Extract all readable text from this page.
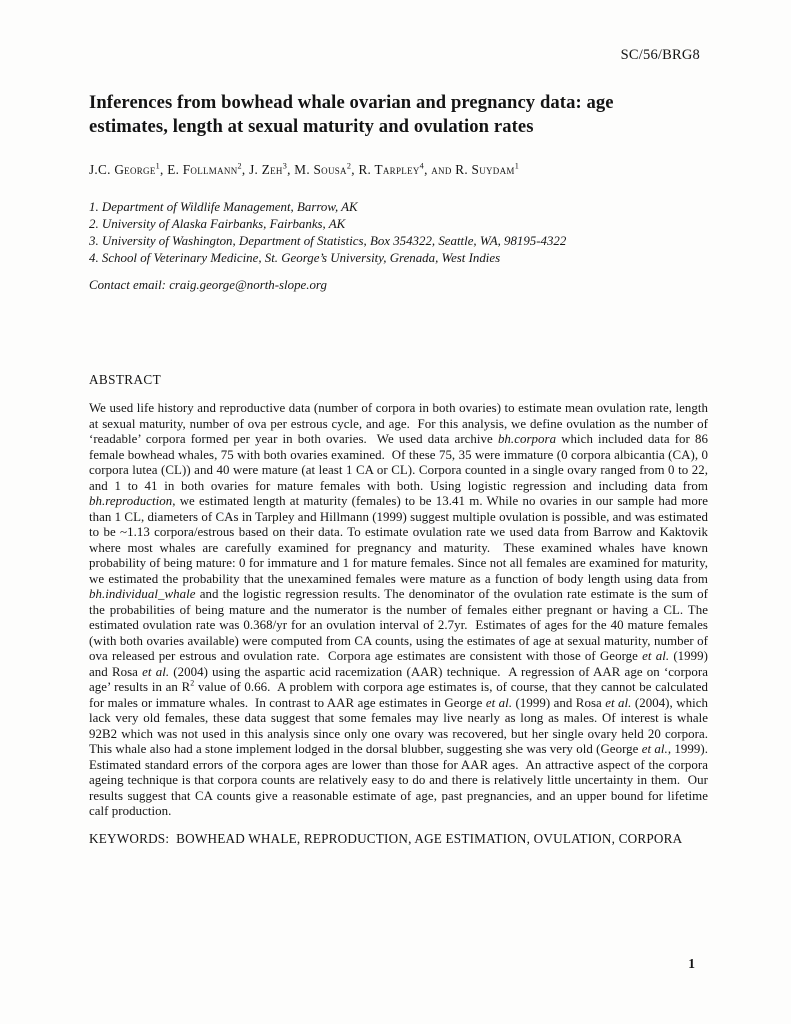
SC/56/BRG8
Inferences from bowhead whale ovarian and pregnancy data: age estimates, length at sexual maturity and ovulation rates
J.C. George$^1$, E. Follmann$^2$, J. Zeh$^3$, M. Sousa$^2$, R. Tarpley$^4$, and R. Suydam$^1$
1. Department of Wildlife Management, Barrow, AK
2. University of Alaska Fairbanks, Fairbanks, AK
3. University of Washington, Department of Statistics, Box 354322, Seattle, WA, 98195-4322
4. School of Veterinary Medicine, St. George’s University, Grenada, West Indies
Contact email: craig.george@north-slope.org
ABSTRACT

We used life history and reproductive data (number of corpora in both ovaries) to estimate mean ovulation rate, length at sexual maturity, number of ova per estrous cycle, and age.  For this analysis, we define ovulation as the number of ‘readable’ corpora formed per year in both ovaries.  We used data archive bh.corpora which included data for 86 female bowhead whales, 75 with both ovaries examined.  Of these 75, 35 were immature (0 corpora albicantia (CA), 0 corpora lutea (CL)) and 40 were mature (at least 1 CA or CL). Corpora counted in a single ovary ranged from 0 to 22, and 1 to 41 in both ovaries for mature females with both. Using logistic regression and including data from bh.reproduction, we estimated length at maturity (females) to be 13.41 m. While no ovaries in our sample had more than 1 CL, diameters of CAs in Tarpley and Hillmann (1999) suggest multiple ovulation is possible, and was estimated to be ~1.13 corpora/estrous based on their data. To estimate ovulation rate we used data from Barrow and Kaktovik where most whales are carefully examined for pregnancy and maturity.  These examined whales have known probability of being mature: 0 for immature and 1 for mature females. Since not all females are examined for maturity, we estimated the probability that the unexamined females were mature as a function of body length using data from bh.individual_whale and the logistic regression results. The denominator of the ovulation rate estimate is the sum of the probabilities of being mature and the numerator is the number of females either pregnant or having a CL. The estimated ovulation rate was 0.368/yr for an ovulation interval of 2.7yr.  Estimates of ages for the 40 mature females (with both ovaries available) were computed from CA counts, using the estimates of age at sexual maturity, number of ova released per estrous and ovulation rate.  Corpora age estimates are consistent with those of George et al. (1999) and Rosa et al. (2004) using the aspartic acid racemization (AAR) technique.  A regression of AAR age on ‘corpora age’ results in an $R^2$ value of 0.66.  A problem with corpora age estimates is, of course, that they cannot be calculated for males or immature whales.  In contrast to AAR age estimates in George et al. (1999) and Rosa et al. (2004), which lack very old females, these data suggest that some females may live nearly as long as males. Of interest is whale 92B2 which was not used in this analysis since only one ovary was recovered, but her single ovary held 20 corpora. This whale also had a stone implement lodged in the dorsal blubber, suggesting she was very old (George et al., 1999). Estimated standard errors of the corpora ages are lower than those for AAR ages.  An attractive aspect of the corpora ageing technique is that corpora counts are relatively easy to do and there is relatively little uncertainty in them.  Our results suggest that CA counts give a reasonable estimate of age, past pregnancies, and an upper bound for lifetime calf production.

KEYWORDS:  BOWHEAD WHALE, REPRODUCTION, AGE ESTIMATION, OVULATION, CORPORA
1
